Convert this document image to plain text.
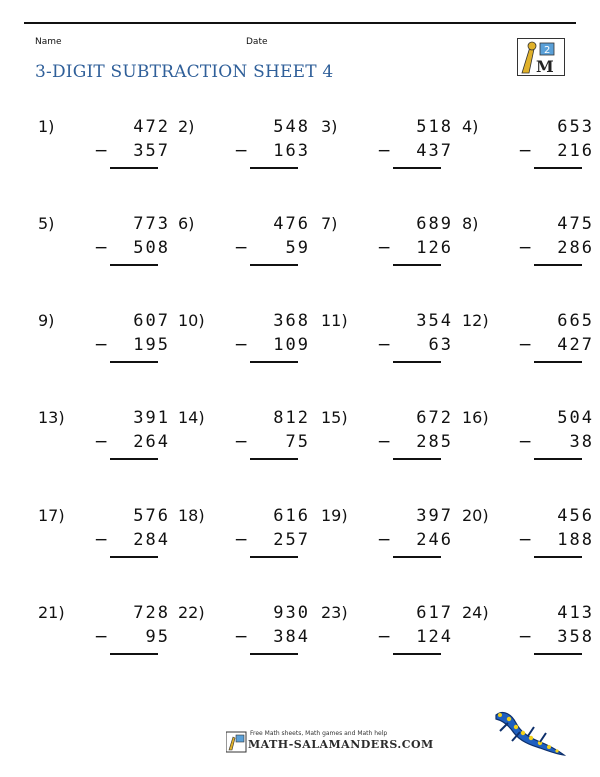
Name	Date
3-DIGIT SUBTRACTION SHEET 4
2
M
1)	472
− 357
2)	548
− 163
3)	518
− 437
4)	653
− 216
5)	773
− 508
6)	476
− 59
7)	689
− 126
8)	475
− 286
9)	607
− 195
10)	368
− 109
11)	354
− 63
12)	665
− 427
13)	391
− 264
14)	812
− 75
15)	672
− 285
16)	504
− 38
17)	576
− 284
18)	616
− 257
19)	397
− 246
20)	456
− 188
21)	728
− 95
22)	930
− 384
23)	617
− 124
24)	413
− 358
Free Math sheets, Math games and Math help
MATH-SALAMANDERS.COM
